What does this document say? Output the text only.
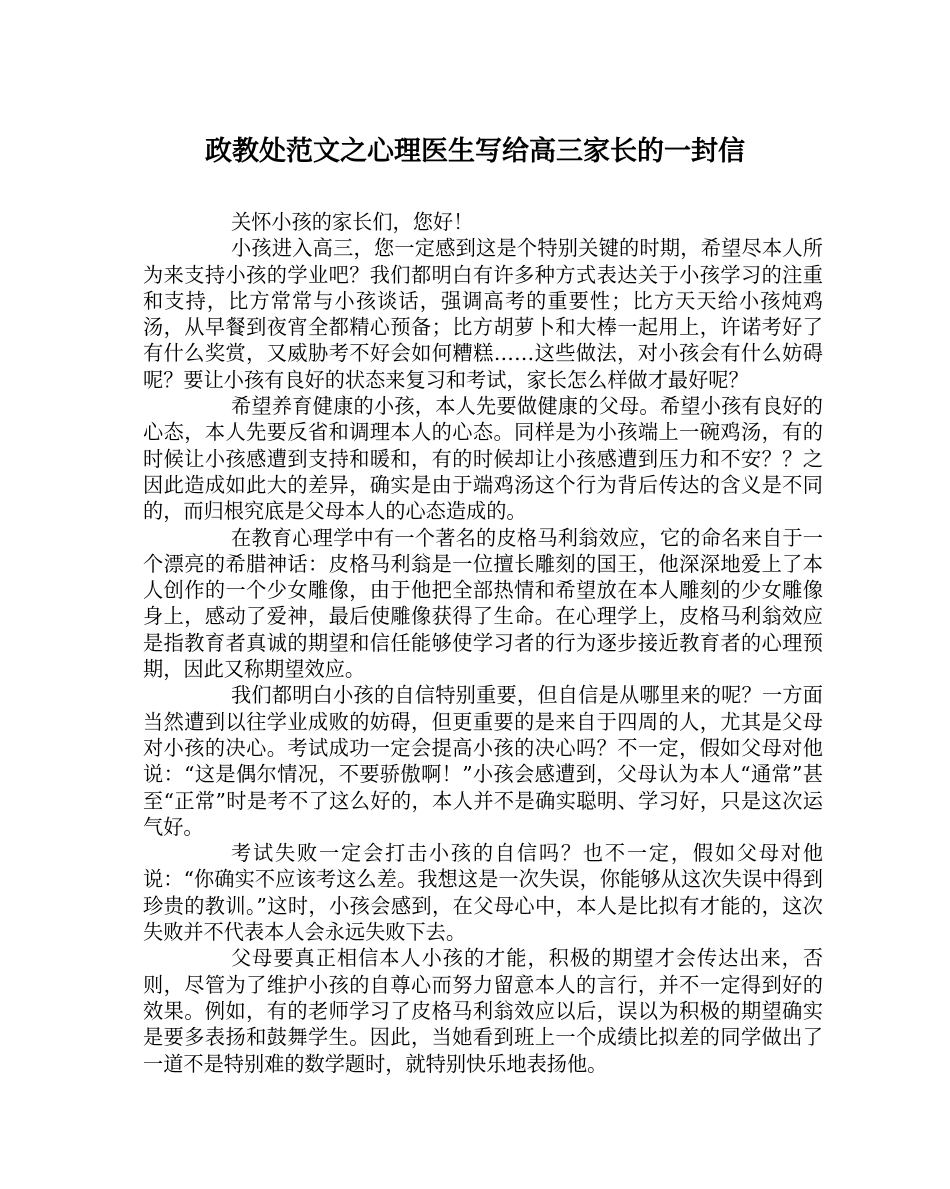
政教处范文之心理医生写给高三家长的一封信

关怀小孩的家长们，您好！

小孩进入高三，您一定感到这是个特别关键的时期，希望尽本人所为来支持小孩的学业吧？我们都明白有许多种方式表达关于小孩学习的注重和支持，比方常常与小孩谈话，强调高考的重要性；比方天天给小孩炖鸡汤，从早餐到夜宵全都精心预备；比方胡萝卜和大棒一起用上，许诺考好了有什么奖赏，又威胁考不好会如何糟糕……这些做法，对小孩会有什么妨碍呢？要让小孩有良好的状态来复习和考试，家长怎么样做才最好呢？

希望养育健康的小孩，本人先要做健康的父母。希望小孩有良好的心态，本人先要反省和调理本人的心态。同样是为小孩端上一碗鸡汤，有的时候让小孩感遭到支持和暖和，有的时候却让小孩感遭到压力和不安？？之因此造成如此大的差异，确实是由于端鸡汤这个行为背后传达的含义是不同的，而归根究底是父母本人的心态造成的。

在教育心理学中有一个著名的皮格马利翁效应，它的命名来自于一个漂亮的希腊神话：皮格马利翁是一位擅长雕刻的国王，他深深地爱上了本人创作的一个少女雕像，由于他把全部热情和希望放在本人雕刻的少女雕像身上，感动了爱神，最后使雕像获得了生命。在心理学上，皮格马利翁效应是指教育者真诚的期望和信任能够使学习者的行为逐步接近教育者的心理预期，因此又称期望效应。

我们都明白小孩的自信特别重要，但自信是从哪里来的呢？一方面当然遭到以往学业成败的妨碍，但更重要的是来自于四周的人，尤其是父母对小孩的决心。考试成功一定会提高小孩的决心吗？不一定，假如父母对他说：“这是偶尔情况，不要骄傲啊！”小孩会感遭到，父母认为本人“通常”甚至“正常”时是考不了这么好的，本人并不是确实聪明、学习好，只是这次运气好。

考试失败一定会打击小孩的自信吗？也不一定，假如父母对他说：“你确实不应该考这么差。我想这是一次失误，你能够从这次失误中得到珍贵的教训。”这时，小孩会感到，在父母心中，本人是比拟有才能的，这次失败并不代表本人会永远失败下去。

父母要真正相信本人小孩的才能，积极的期望才会传达出来，否则，尽管为了维护小孩的自尊心而努力留意本人的言行，并不一定得到好的效果。例如，有的老师学习了皮格马利翁效应以后，误以为积极的期望确实是要多表扬和鼓舞学生。因此，当她看到班上一个成绩比拟差的同学做出了一道不是特别难的数学题时，就特别快乐地表扬他。
